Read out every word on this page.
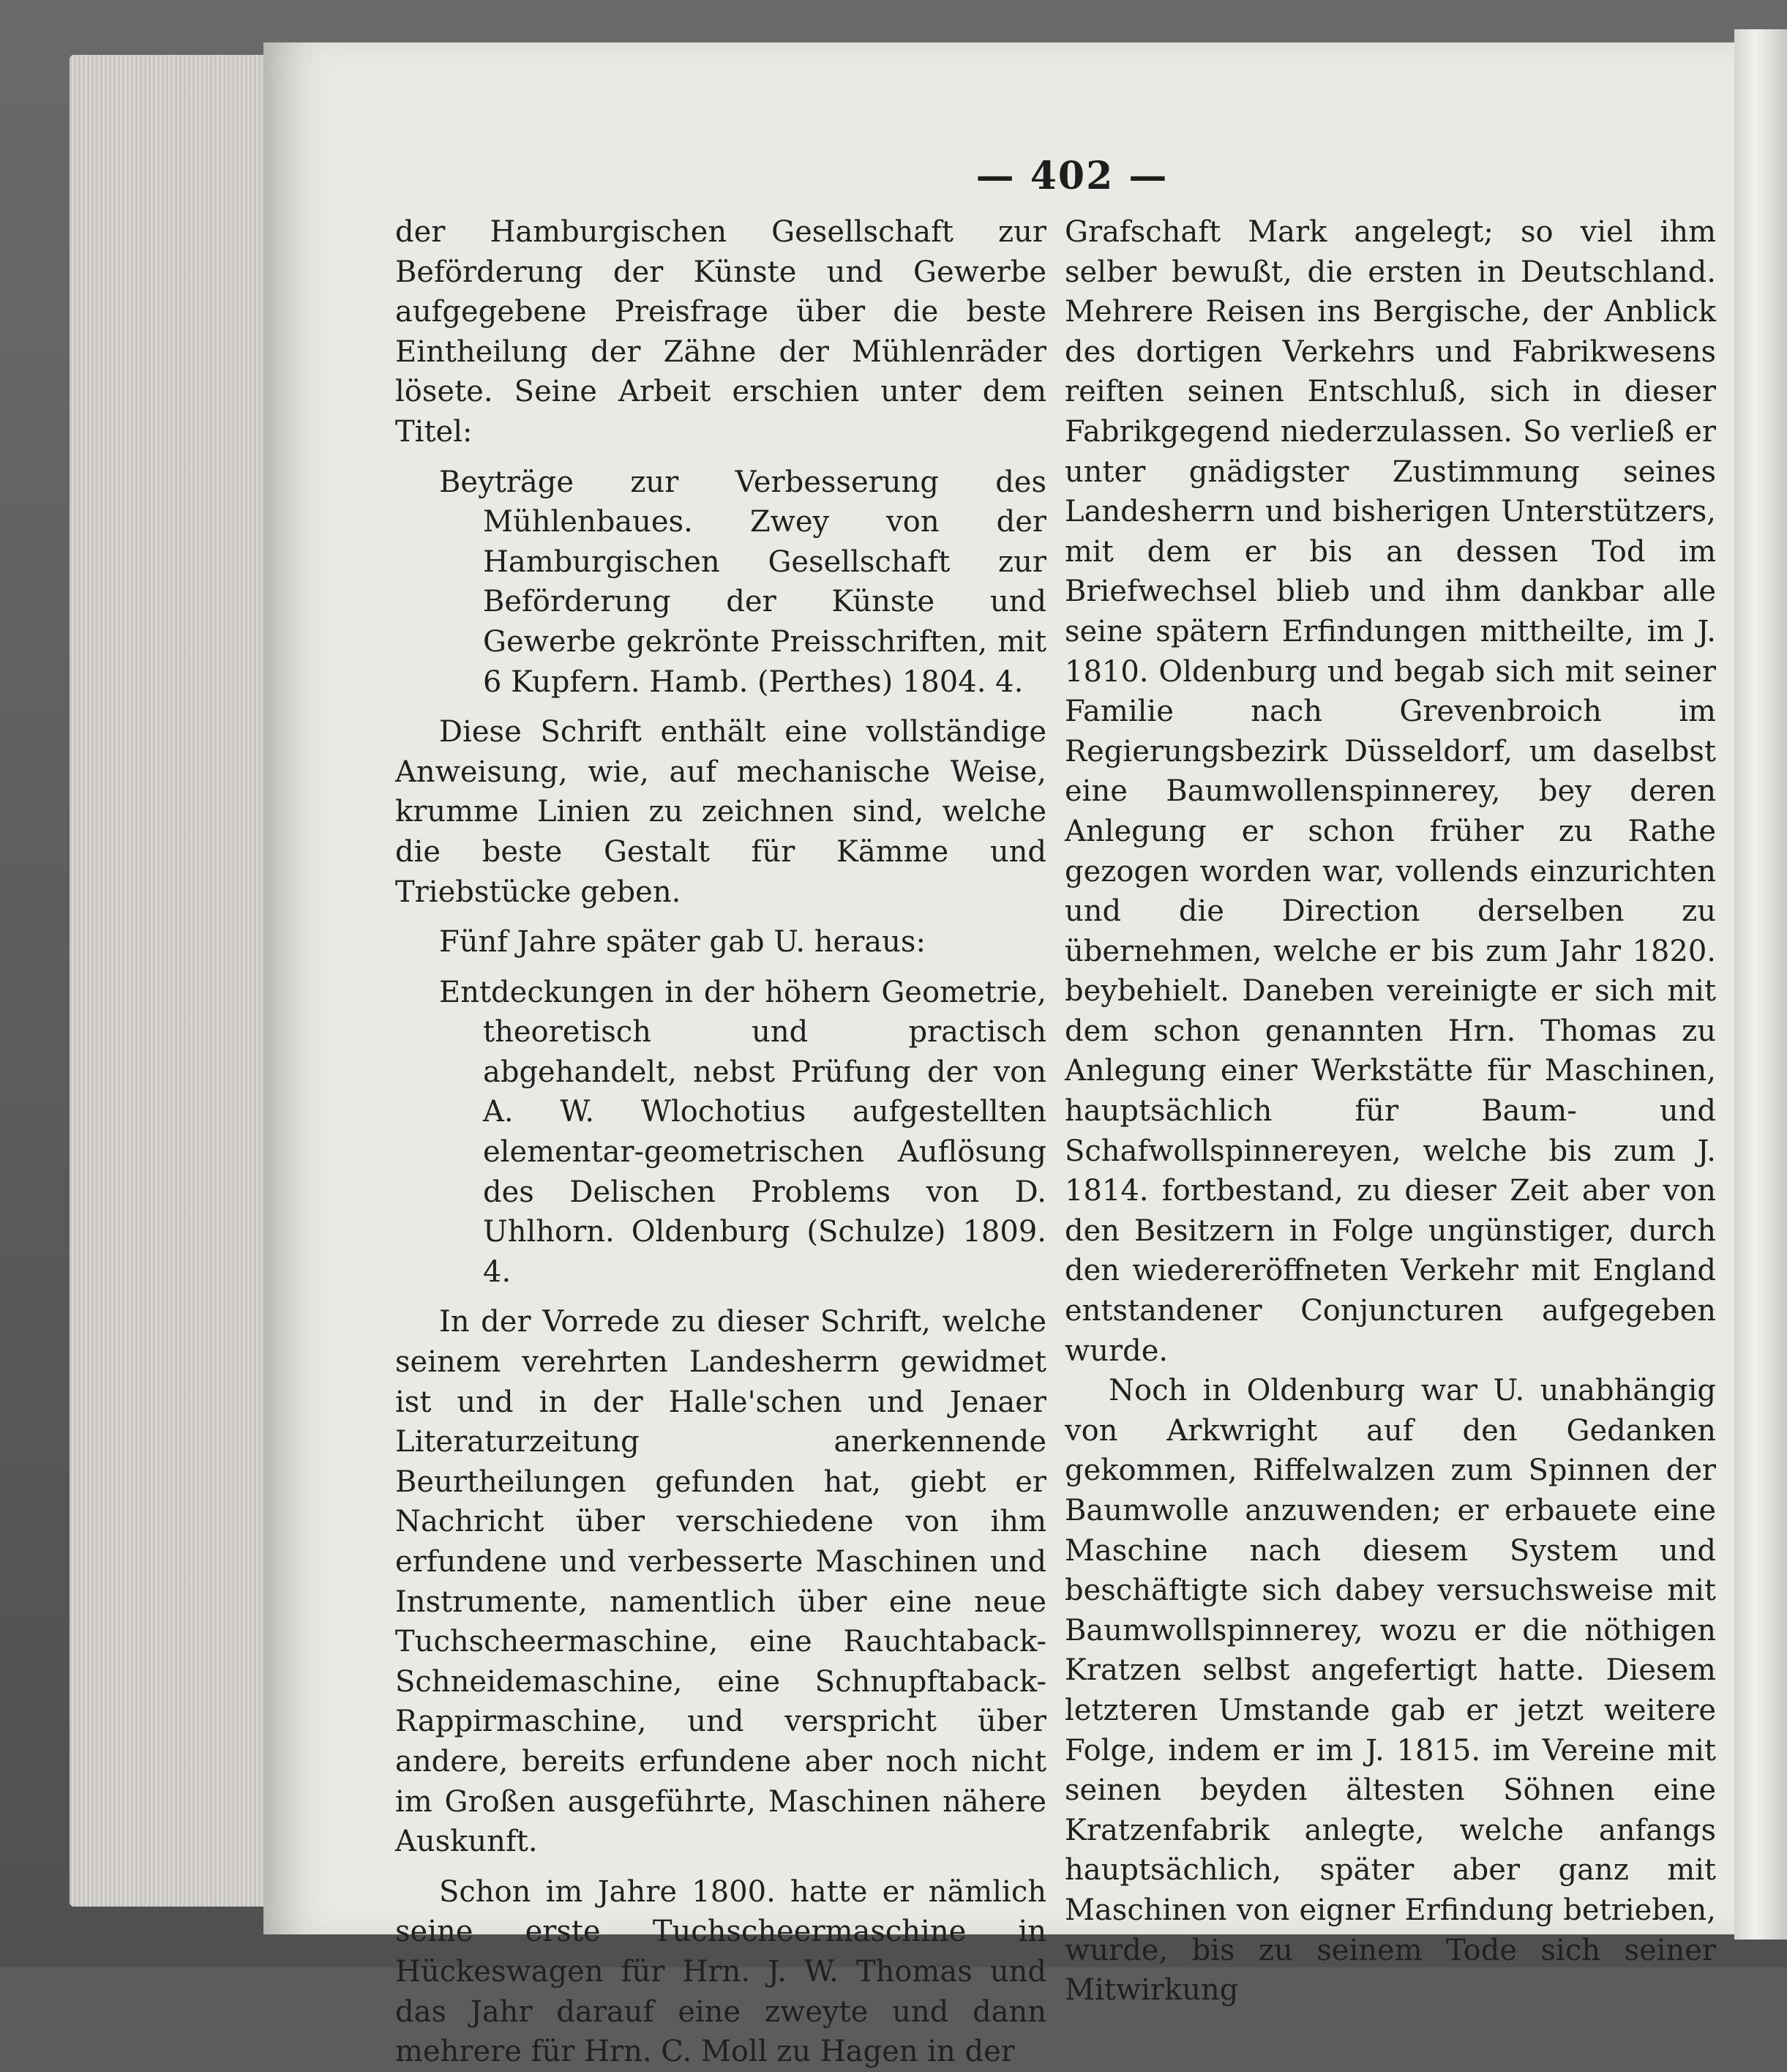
— 402 —

der Hamburgischen Gesellschaft zur Beförderung der Künste und Gewerbe aufgegebene Preisfrage über die beste Eintheilung der Zähne der Mühlenräder lösete. Seine Arbeit erschien unter dem Titel:

Beyträge zur Verbesserung des Mühlenbaues. Zwey von der Hamburgischen Gesellschaft zur Beförderung der Künste und Gewerbe gekrönte Preisschriften, mit 6 Kupfern. Hamb. (Perthes) 1804. 4.

Diese Schrift enthält eine vollständige Anweisung, wie, auf mechanische Weise, krumme Linien zu zeichnen sind, welche die beste Gestalt für Kämme und Triebstücke geben.

Fünf Jahre später gab U. heraus:

Entdeckungen in der höhern Geometrie, theoretisch und practisch abgehandelt, nebst Prüfung der von A. W. Wlochotius aufgestellten elementar-geometrischen Auflösung des Delischen Problems von D. Uhlhorn. Oldenburg (Schulze) 1809. 4.

In der Vorrede zu dieser Schrift, welche seinem verehrten Landesherrn gewidmet ist und in der Halle'schen und Jenaer Literaturzeitung anerkennende Beurtheilungen gefunden hat, giebt er Nachricht über verschiedene von ihm erfundene und verbesserte Maschinen und Instrumente, namentlich über eine neue Tuchscheermaschine, eine Rauchtaback-Schneidemaschine, eine Schnupftaback-Rappirmaschine, und verspricht über andere, bereits erfundene aber noch nicht im Großen ausgeführte, Maschinen nähere Auskunft.

Schon im Jahre 1800. hatte er nämlich seine erste Tuchscheermaschine in Hückeswagen für Hrn. J. W. Thomas und das Jahr darauf eine zweyte und dann mehrere für Hrn. C. Moll zu Hagen in der

Grafschaft Mark angelegt; so viel ihm selber bewußt, die ersten in Deutschland. Mehrere Reisen ins Bergische, der Anblick des dortigen Verkehrs und Fabrikwesens reiften seinen Entschluß, sich in dieser Fabrikgegend niederzulassen. So verließ er unter gnädigster Zustimmung seines Landesherrn und bisherigen Unterstützers, mit dem er bis an dessen Tod im Briefwechsel blieb und ihm dankbar alle seine spätern Erfindungen mittheilte, im J. 1810. Oldenburg und begab sich mit seiner Familie nach Grevenbroich im Regierungsbezirk Düsseldorf, um daselbst eine Baumwollenspinnerey, bey deren Anlegung er schon früher zu Rathe gezogen worden war, vollends einzurichten und die Direction derselben zu übernehmen, welche er bis zum Jahr 1820. beybehielt. Daneben vereinigte er sich mit dem schon genannten Hrn. Thomas zu Anlegung einer Werkstätte für Maschinen, hauptsächlich für Baum- und Schafwollspinnereyen, welche bis zum J. 1814. fortbestand, zu dieser Zeit aber von den Besitzern in Folge ungünstiger, durch den wiedereröffneten Verkehr mit England entstandener Conjuncturen aufgegeben wurde.

Noch in Oldenburg war U. unabhängig von Arkwright auf den Gedanken gekommen, Riffelwalzen zum Spinnen der Baumwolle anzuwenden; er erbauete eine Maschine nach diesem System und beschäftigte sich dabey versuchsweise mit Baumwollspinnerey, wozu er die nöthigen Kratzen selbst angefertigt hatte. Diesem letzteren Umstande gab er jetzt weitere Folge, indem er im J. 1815. im Vereine mit seinen beyden ältesten Söhnen eine Kratzenfabrik anlegte, welche anfangs hauptsächlich, später aber ganz mit Maschinen von eigner Erfindung betrieben, wurde, bis zu seinem Tode sich seiner Mitwirkung
